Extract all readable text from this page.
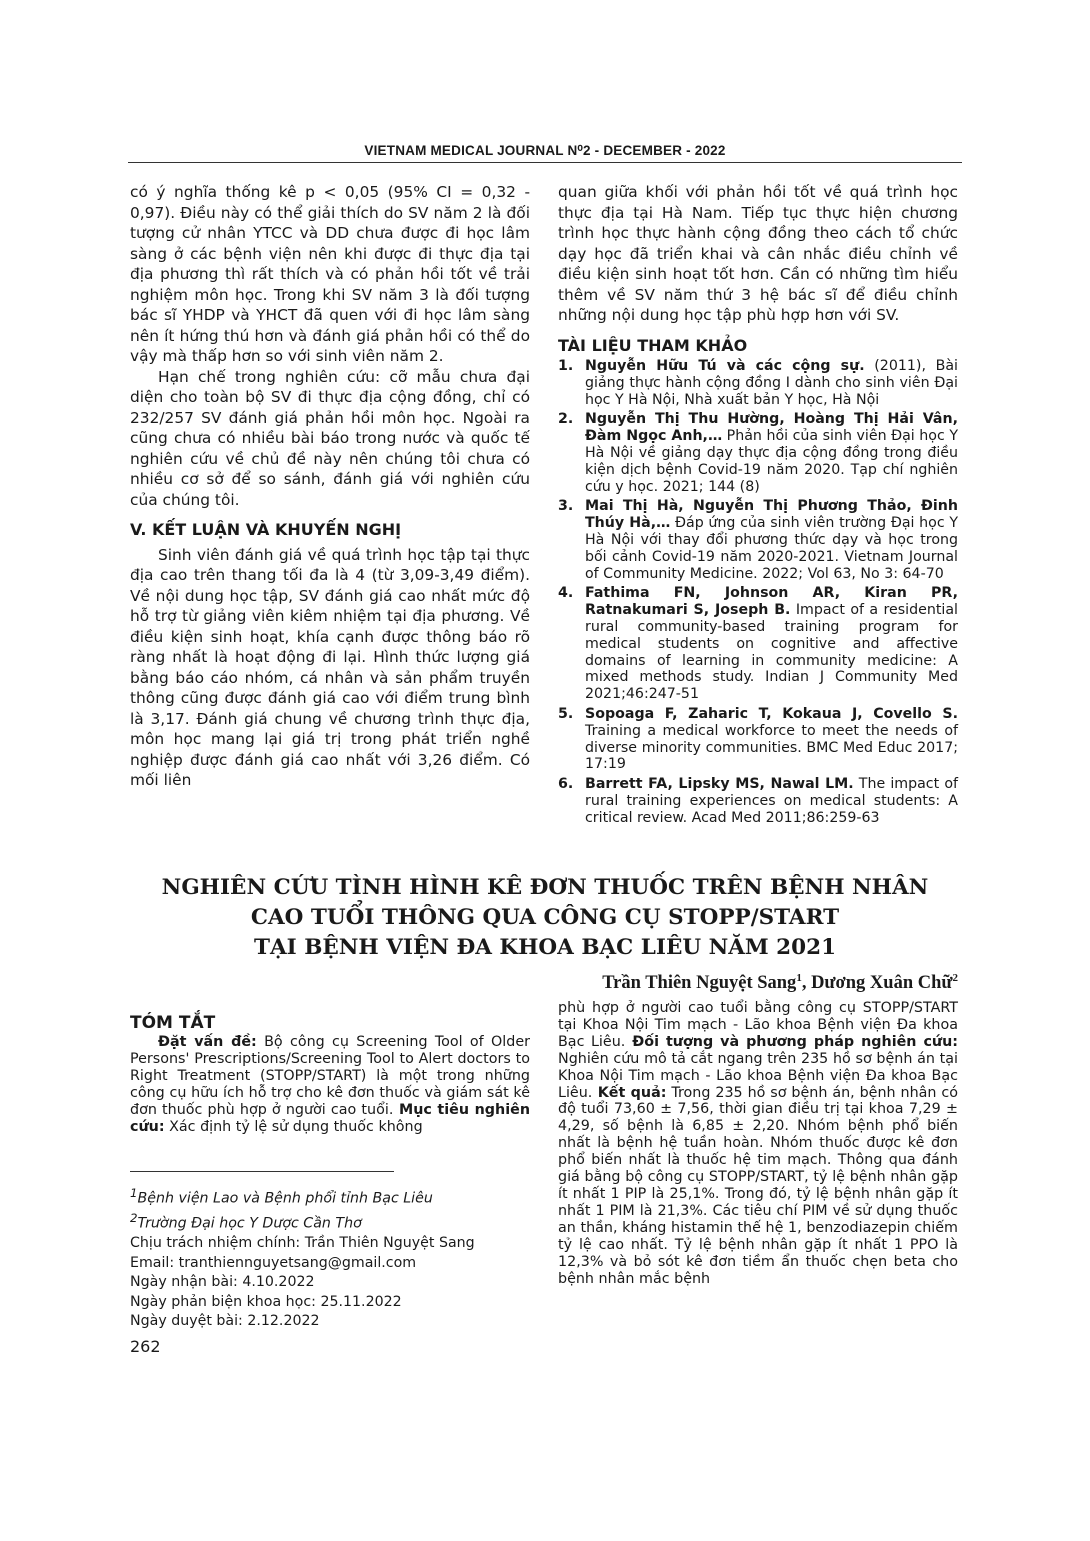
VIETNAM MEDICAL JOURNAL N⁰2 - DECEMBER - 2022

có ý nghĩa thống kê p < 0,05 (95% CI = 0,32 - 0,97). Điều này có thể giải thích do SV năm 2 là đối tượng cử nhân YTCC và DD chưa được đi học lâm sàng ở các bệnh viện nên khi được đi thực địa tại địa phương thì rất thích và có phản hồi tốt về trải nghiệm môn học. Trong khi SV năm 3 là đối tượng bác sĩ YHDP và YHCT đã quen với đi học lâm sàng nên ít hứng thú hơn và đánh giá phản hồi có thể do vậy mà thấp hơn so với sinh viên năm 2.

Hạn chế trong nghiên cứu: cỡ mẫu chưa đại diện cho toàn bộ SV đi thực địa cộng đồng, chỉ có 232/257 SV đánh giá phản hồi môn học. Ngoài ra cũng chưa có nhiều bài báo trong nước và quốc tế nghiên cứu về chủ đề này nên chúng tôi chưa có nhiều cơ sở để so sánh, đánh giá với nghiên cứu của chúng tôi.

V. KẾT LUẬN VÀ KHUYẾN NGHỊ

Sinh viên đánh giá về quá trình học tập tại thực địa cao trên thang tối đa là 4 (từ 3,09-3,49 điểm). Về nội dung học tập, SV đánh giá cao nhất mức độ hỗ trợ từ giảng viên kiêm nhiệm tại địa phương. Về điều kiện sinh hoạt, khía cạnh được thông báo rõ ràng nhất là hoạt động đi lại. Hình thức lượng giá bằng báo cáo nhóm, cá nhân và sản phẩm truyền thông cũng được đánh giá cao với điểm trung bình là 3,17. Đánh giá chung về chương trình thực địa, môn học mang lại giá trị trong phát triển nghề nghiệp được đánh giá cao nhất với 3,26 điểm. Có mối liên

quan giữa khối với phản hồi tốt về quá trình học thực địa tại Hà Nam. Tiếp tục thực hiện chương trình học thực hành cộng đồng theo cách tổ chức dạy học đã triển khai và cân nhắc điều chỉnh về điều kiện sinh hoạt tốt hơn. Cần có những tìm hiểu thêm về SV năm thứ 3 hệ bác sĩ để điều chỉnh những nội dung học tập phù hợp hơn với SV.

TÀI LIỆU THAM KHẢO

1. Nguyễn Hữu Tú và các cộng sự. (2011), Bài giảng thực hành cộng đồng I dành cho sinh viên Đại học Y Hà Nội, Nhà xuất bản Y học, Hà Nội
2. Nguyễn Thị Thu Hường, Hoàng Thị Hải Vân, Đàm Ngọc Anh,… Phản hồi của sinh viên Đại học Y Hà Nội về giảng dạy thực địa cộng đồng trong điều kiện dịch bệnh Covid-19 năm 2020. Tạp chí nghiên cứu y học. 2021; 144 (8)
3. Mai Thị Hà, Nguyễn Thị Phương Thảo, Đinh Thúy Hà,… Đáp ứng của sinh viên trường Đại học Y Hà Nội với thay đổi phương thức dạy và học trong bối cảnh Covid-19 năm 2020-2021. Vietnam Journal of Community Medicine. 2022; Vol 63, No 3: 64-70
4. Fathima FN, Johnson AR, Kiran PR, Ratnakumari S, Joseph B. Impact of a residential rural community-based training program for medical students on cognitive and affective domains of learning in community medicine: A mixed methods study. Indian J Community Med 2021;46:247-51
5. Sopoaga F, Zaharic T, Kokaua J, Covello S. Training a medical workforce to meet the needs of diverse minority communities. BMC Med Educ 2017; 17:19
6. Barrett FA, Lipsky MS, Nawal LM. The impact of rural training experiences on medical students: A critical review. Acad Med 2011;86:259-63
NGHIÊN CỨU TÌNH HÌNH KÊ ĐƠN THUỐC TRÊN BỆNH NHÂN
CAO TUỔI THÔNG QUA CÔNG CỤ STOPP/START
TẠI BỆNH VIỆN ĐA KHOA BẠC LIÊU NĂM 2021
Trần Thiên Nguyệt Sang$^1$, Dương Xuân Chữ$^2$
TÓM TẮT

Đặt vấn đề: Bộ công cụ Screening Tool of Older Persons' Prescriptions/Screening Tool to Alert doctors to Right Treatment (STOPP/START) là một trong những công cụ hữu ích hỗ trợ cho kê đơn thuốc và giám sát kê đơn thuốc phù hợp ở người cao tuổi. Mục tiêu nghiên cứu: Xác định tỷ lệ sử dụng thuốc không

phù hợp ở người cao tuổi bằng công cụ STOPP/START tại Khoa Nội Tim mạch - Lão khoa Bệnh viện Đa khoa Bạc Liêu. Đối tượng và phương pháp nghiên cứu: Nghiên cứu mô tả cắt ngang trên 235 hồ sơ bệnh án tại Khoa Nội Tim mạch - Lão khoa Bệnh viện Đa khoa Bạc Liêu. Kết quả: Trong 235 hồ sơ bệnh án, bệnh nhân có độ tuổi 73,60 ± 7,56, thời gian điều trị tại khoa 7,29 ± 4,29, số bệnh là 6,85 ± 2,20. Nhóm bệnh phổ biến nhất là bệnh hệ tuần hoàn. Nhóm thuốc được kê đơn phổ biến nhất là thuốc hệ tim mạch. Thông qua đánh giá bằng bộ công cụ STOPP/START, tỷ lệ bệnh nhân gặp ít nhất 1 PIP là 25,1%. Trong đó, tỷ lệ bệnh nhân gặp ít nhất 1 PIM là 21,3%. Các tiêu chí PIM về sử dụng thuốc an thần, kháng histamin thế hệ 1, benzodiazepin chiếm tỷ lệ cao nhất. Tỷ lệ bệnh nhân gặp ít nhất 1 PPO là 12,3% và bỏ sót kê đơn tiềm ẩn thuốc chẹn beta cho bệnh nhân mắc bệnh

$^1$Bệnh viện Lao và Bệnh phổi tỉnh Bạc Liêu
$^2$Trường Đại học Y Dược Cần Thơ
Chịu trách nhiệm chính: Trần Thiên Nguyệt Sang
Email: tranthiennguyetsang@gmail.com
Ngày nhận bài: 4.10.2022
Ngày phản biện khoa học: 25.11.2022
Ngày duyệt bài: 2.12.2022
262
